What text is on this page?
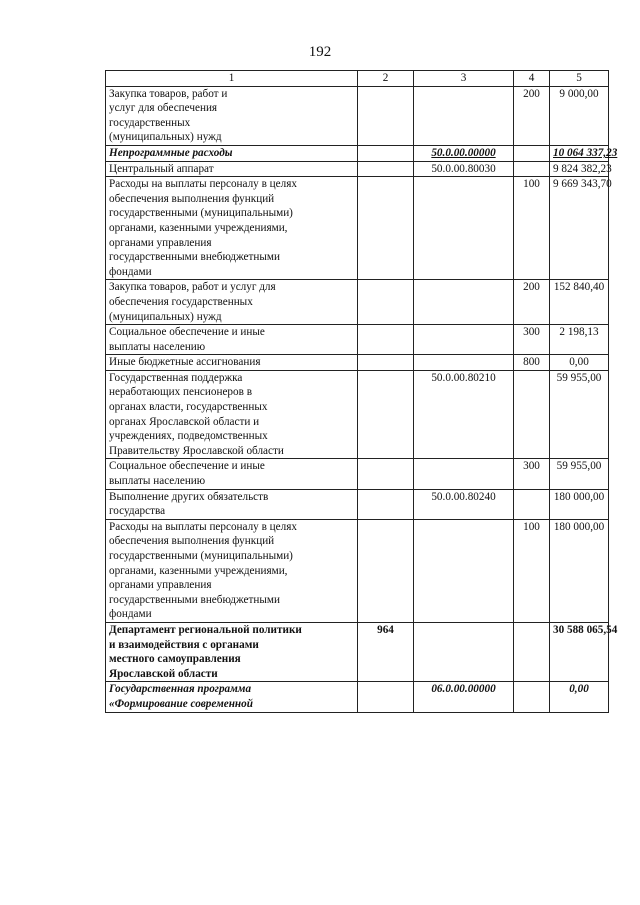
192
1	2	3	4	5
Закупка товаров, работ и услуг для обеспечения государственных (муниципальных) нужд			200	9 000,00
Непрограммные расходы		50.0.00.00000		10 064 337,23
Центральный аппарат		50.0.00.80030		9 824 382,23
Расходы на выплаты персоналу в целях обеспечения выполнения функций государственными (муниципальными) органами, казенными учреждениями, органами управления государственными внебюджетными фондами			100	9 669 343,70
Закупка товаров, работ и услуг для обеспечения государственных (муниципальных) нужд			200	152 840,40
Социальное обеспечение и иные выплаты населению			300	2 198,13
Иные бюджетные ассигнования			800	0,00
Государственная поддержка неработающих пенсионеров в органах власти, государственных органах Ярославской области и учреждениях, подведомственных Правительству Ярославской области		50.0.00.80210		59 955,00
Социальное обеспечение и иные выплаты населению			300	59 955,00
Выполнение других обязательств государства		50.0.00.80240		180 000,00
Расходы на выплаты персоналу в целях обеспечения выполнения функций государственными (муниципальными) органами, казенными учреждениями, органами управления государственными внебюджетными фондами			100	180 000,00
Департамент региональной политики и взаимодействия с органами местного самоуправления Ярославской области	964			30 588 065,54
Государственная программа «Формирование современной		06.0.00.00000		0,00
